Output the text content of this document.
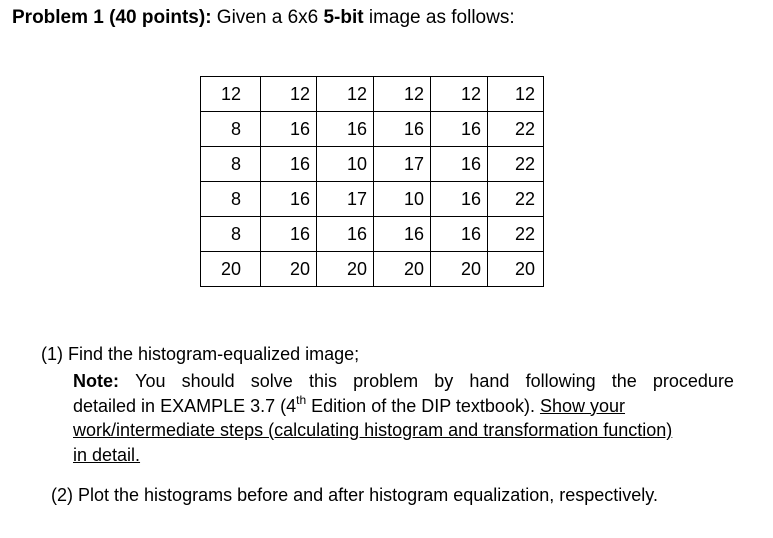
Problem 1 (40 points): Given a 6x6 5-bit image as follows:
12	12	12	12	12	12
8	16	16	16	16	22
8	16	10	17	16	22
8	16	17	10	16	22
8	16	16	16	16	22
20	20	20	20	20	20
(1) Find the histogram-equalized image;
Note: You should solve this problem by hand following the procedure
detailed in EXAMPLE 3.7 (4th Edition of the DIP textbook). Show your
work/intermediate steps (calculating histogram and transformation function)
in detail.
(2) Plot the histograms before and after histogram equalization, respectively.
